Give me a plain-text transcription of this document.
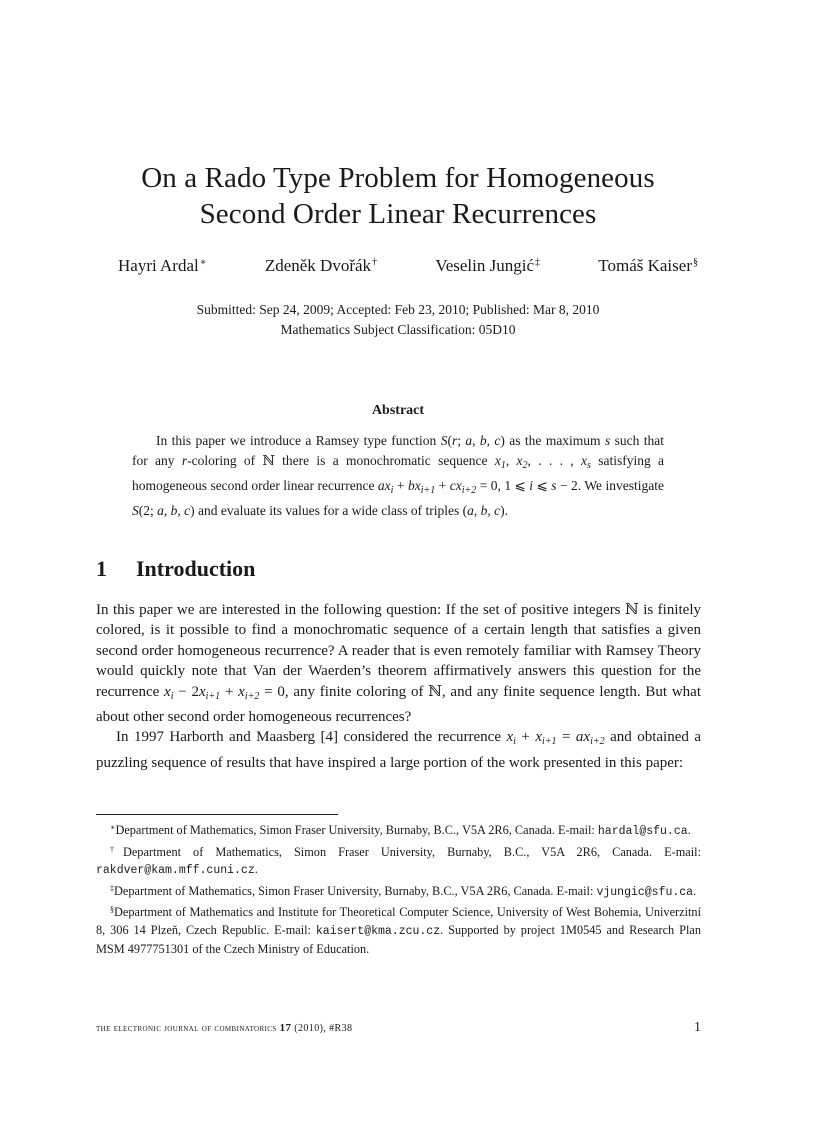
On a Rado Type Problem for Homogeneous
Second Order Linear Recurrences
Hayri Ardal∗	Zdeněk Dvořák†	Veselin Jungić‡	Tomáš Kaiser§
Submitted: Sep 24, 2009; Accepted: Feb 23, 2010; Published: Mar 8, 2010
Mathematics Subject Classification: 05D10
Abstract
In this paper we introduce a Ramsey type function S(r; a, b, c) as the maximum s such that for any r-coloring of ℕ there is a monochromatic sequence $x_1$, $x_2$, . . . , $x_s$ satisfying a homogeneous second order linear recurrence $ax_i + bx_{i+1} + cx_{i+2} = 0$, 1 ⩽ i ⩽ s − 2. We investigate S(2; a, b, c) and evaluate its values for a wide class of triples (a, b, c).
1 Introduction

In this paper we are interested in the following question: If the set of positive integers ℕ is finitely colored, is it possible to find a monochromatic sequence of a certain length that satisfies a given second order homogeneous recurrence? A reader that is even remotely familiar with Ramsey Theory would quickly note that Van der Waerden’s theorem affirmatively answers this question for the recurrence $x_i - 2x_{i+1} + x_{i+2} = 0$, any finite coloring of ℕ, and any finite sequence length. But what about other second order homogeneous recurrences?

In 1997 Harborth and Maasberg [4] considered the recurrence $x_i + x_{i+1} = ax_{i+2}$ and obtained a puzzling sequence of results that have inspired a large portion of the work presented in this paper:

∗Department of Mathematics, Simon Fraser University, Burnaby, B.C., V5A 2R6, Canada. E-mail: hardal@sfu.ca.

†Department of Mathematics, Simon Fraser University, Burnaby, B.C., V5A 2R6, Canada. E-mail: rakdver@kam.mff.cuni.cz.

‡Department of Mathematics, Simon Fraser University, Burnaby, B.C., V5A 2R6, Canada. E-mail: vjungic@sfu.ca.

§Department of Mathematics and Institute for Theoretical Computer Science, University of West Bohemia, Univerzitní 8, 306 14 Plzeň, Czech Republic. E-mail: kaisert@kma.zcu.cz. Supported by project 1M0545 and Research Plan MSM 4977751301 of the Czech Ministry of Education.

the electronic journal of combinatorics 17 (2010), #R38	1
